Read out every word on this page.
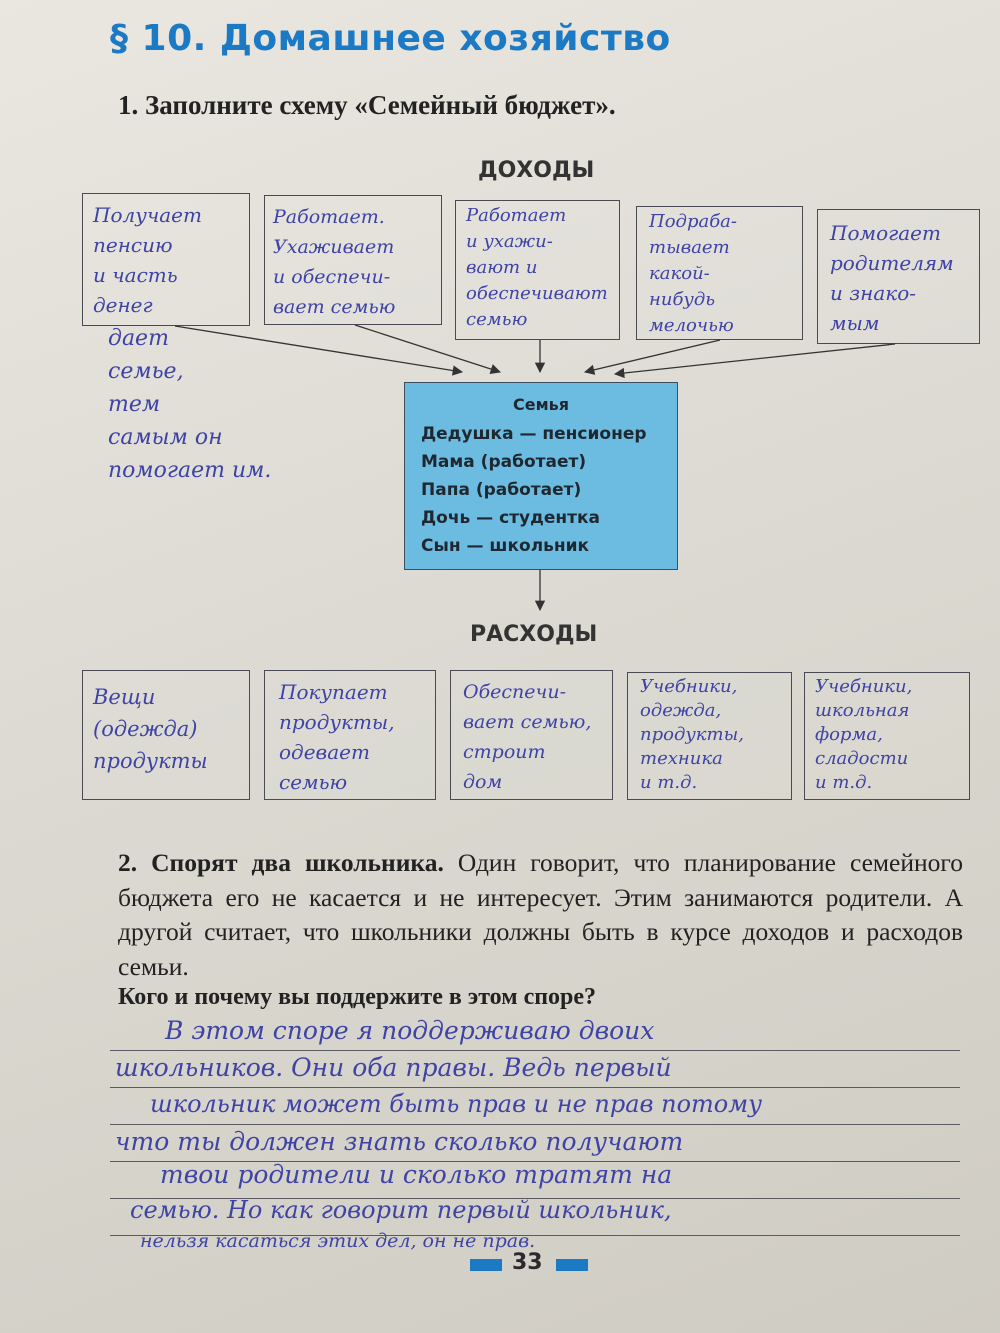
§ 10. Домашнее хозяйство
1. Заполните схему «Семейный бюджет».
ДОХОДЫ
Получает
пенсию
и часть
денег
Работает.
Ухаживает
и обеспечи-
вает семью
Работает
и ухажи-
вают и
обеспечивают
семью
Подраба-
тывает
какой-
нибудь
мелочью
Помогает
родителям
и знако-
мым
дает
семье,
тем
самым он
помогает им.
Семья
Дедушка — пенсионер
Мама (работает)
Папа (работает)
Дочь — студентка
Сын — школьник
РАСХОДЫ
Вещи
(одежда)
продукты
Покупает
продукты,
одевает
семью
Обеспечи-
вает семью,
строит
дом
Учебники,
одежда,
продукты,
техника
и т.д.
Учебники,
школьная
форма,
сладости
и т.д.
2. Спорят два школьника. Один говорит, что планирование семейного бюджета его не касается и не интересует. Этим занимаются родители. А другой считает, что школьники должны быть в курсе доходов и расходов семьи.
Кого и почему вы поддержите в этом споре?
В этом споре я поддерживаю двоих
школьников. Они оба правы. Ведь первый
школьник может быть прав и не прав потому
что ты должен знать сколько получают
твои родители и сколько тратят на
семью. Но как говорит первый школьник,
нельзя касаться этих дел, он не прав.
33
